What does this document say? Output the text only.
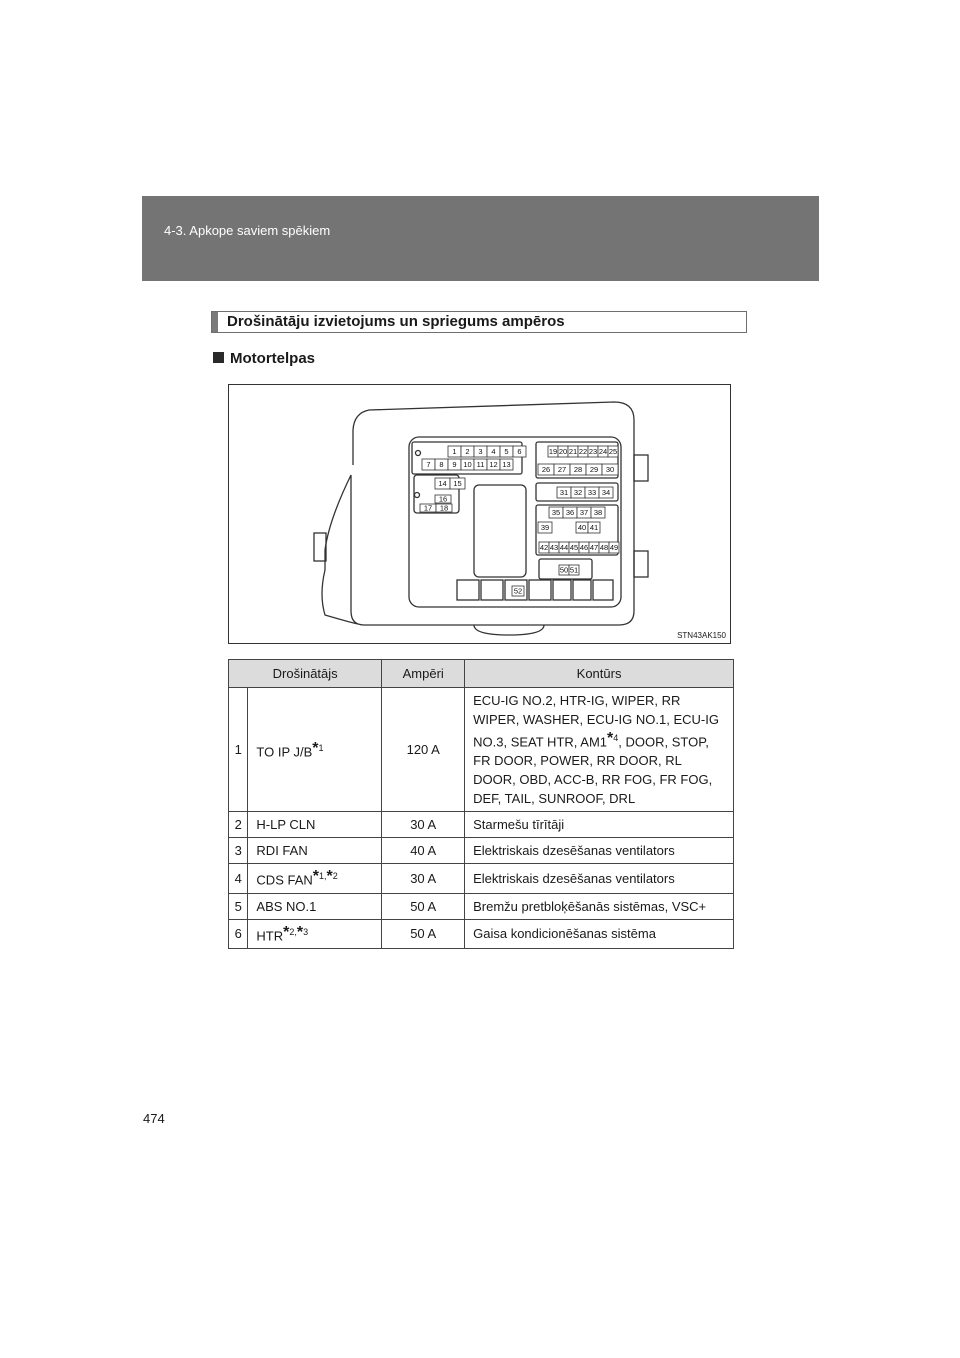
4-3. Apkope saviem spēkiem
Drošinātāju izvietojums un spriegums ampēros
Motortelpas
1 2 3 4 5 6
7 8 9 10 11 12 13
14 15
16
17 18
19 20 21 22 23 24 25
26 27 28 29 30
31 32 33 34
35 36 37 38
39	40 41
42 43 44 45 46 47 48 49
50 51
52
STN43AK150
Drošinātājs		Ampēri	Kontūrs
1	TO IP $J/B^{*1}$	120 A	ECU-IG NO.2, HTR-IG, WIPER, RR WIPER, WASHER, ECU-IG NO.1, ECU-IG NO.3, SEAT HTR, AM1$^{*4}$, DOOR, STOP, FR DOOR, POWER, RR DOOR, RL DOOR, OBD, ACC-B, RR FOG, FR FOG, DEF, TAIL, SUNROOF, DRL
2	H-LP CLN	30 A	Starmešu tīrītāji
3	RDI FAN	40 A	Elektriskais dzesēšanas ventilators
4	CDS $FAN^{*1,*2}$	30 A	Elektriskais dzesēšanas ventilators
5	ABS NO.1	50 A	Bremžu pretbloķēšanās sistēmas, VSC+
6	$HTR^{*2,*3}$	50 A	Gaisa kondicionēšanas sistēma
474
